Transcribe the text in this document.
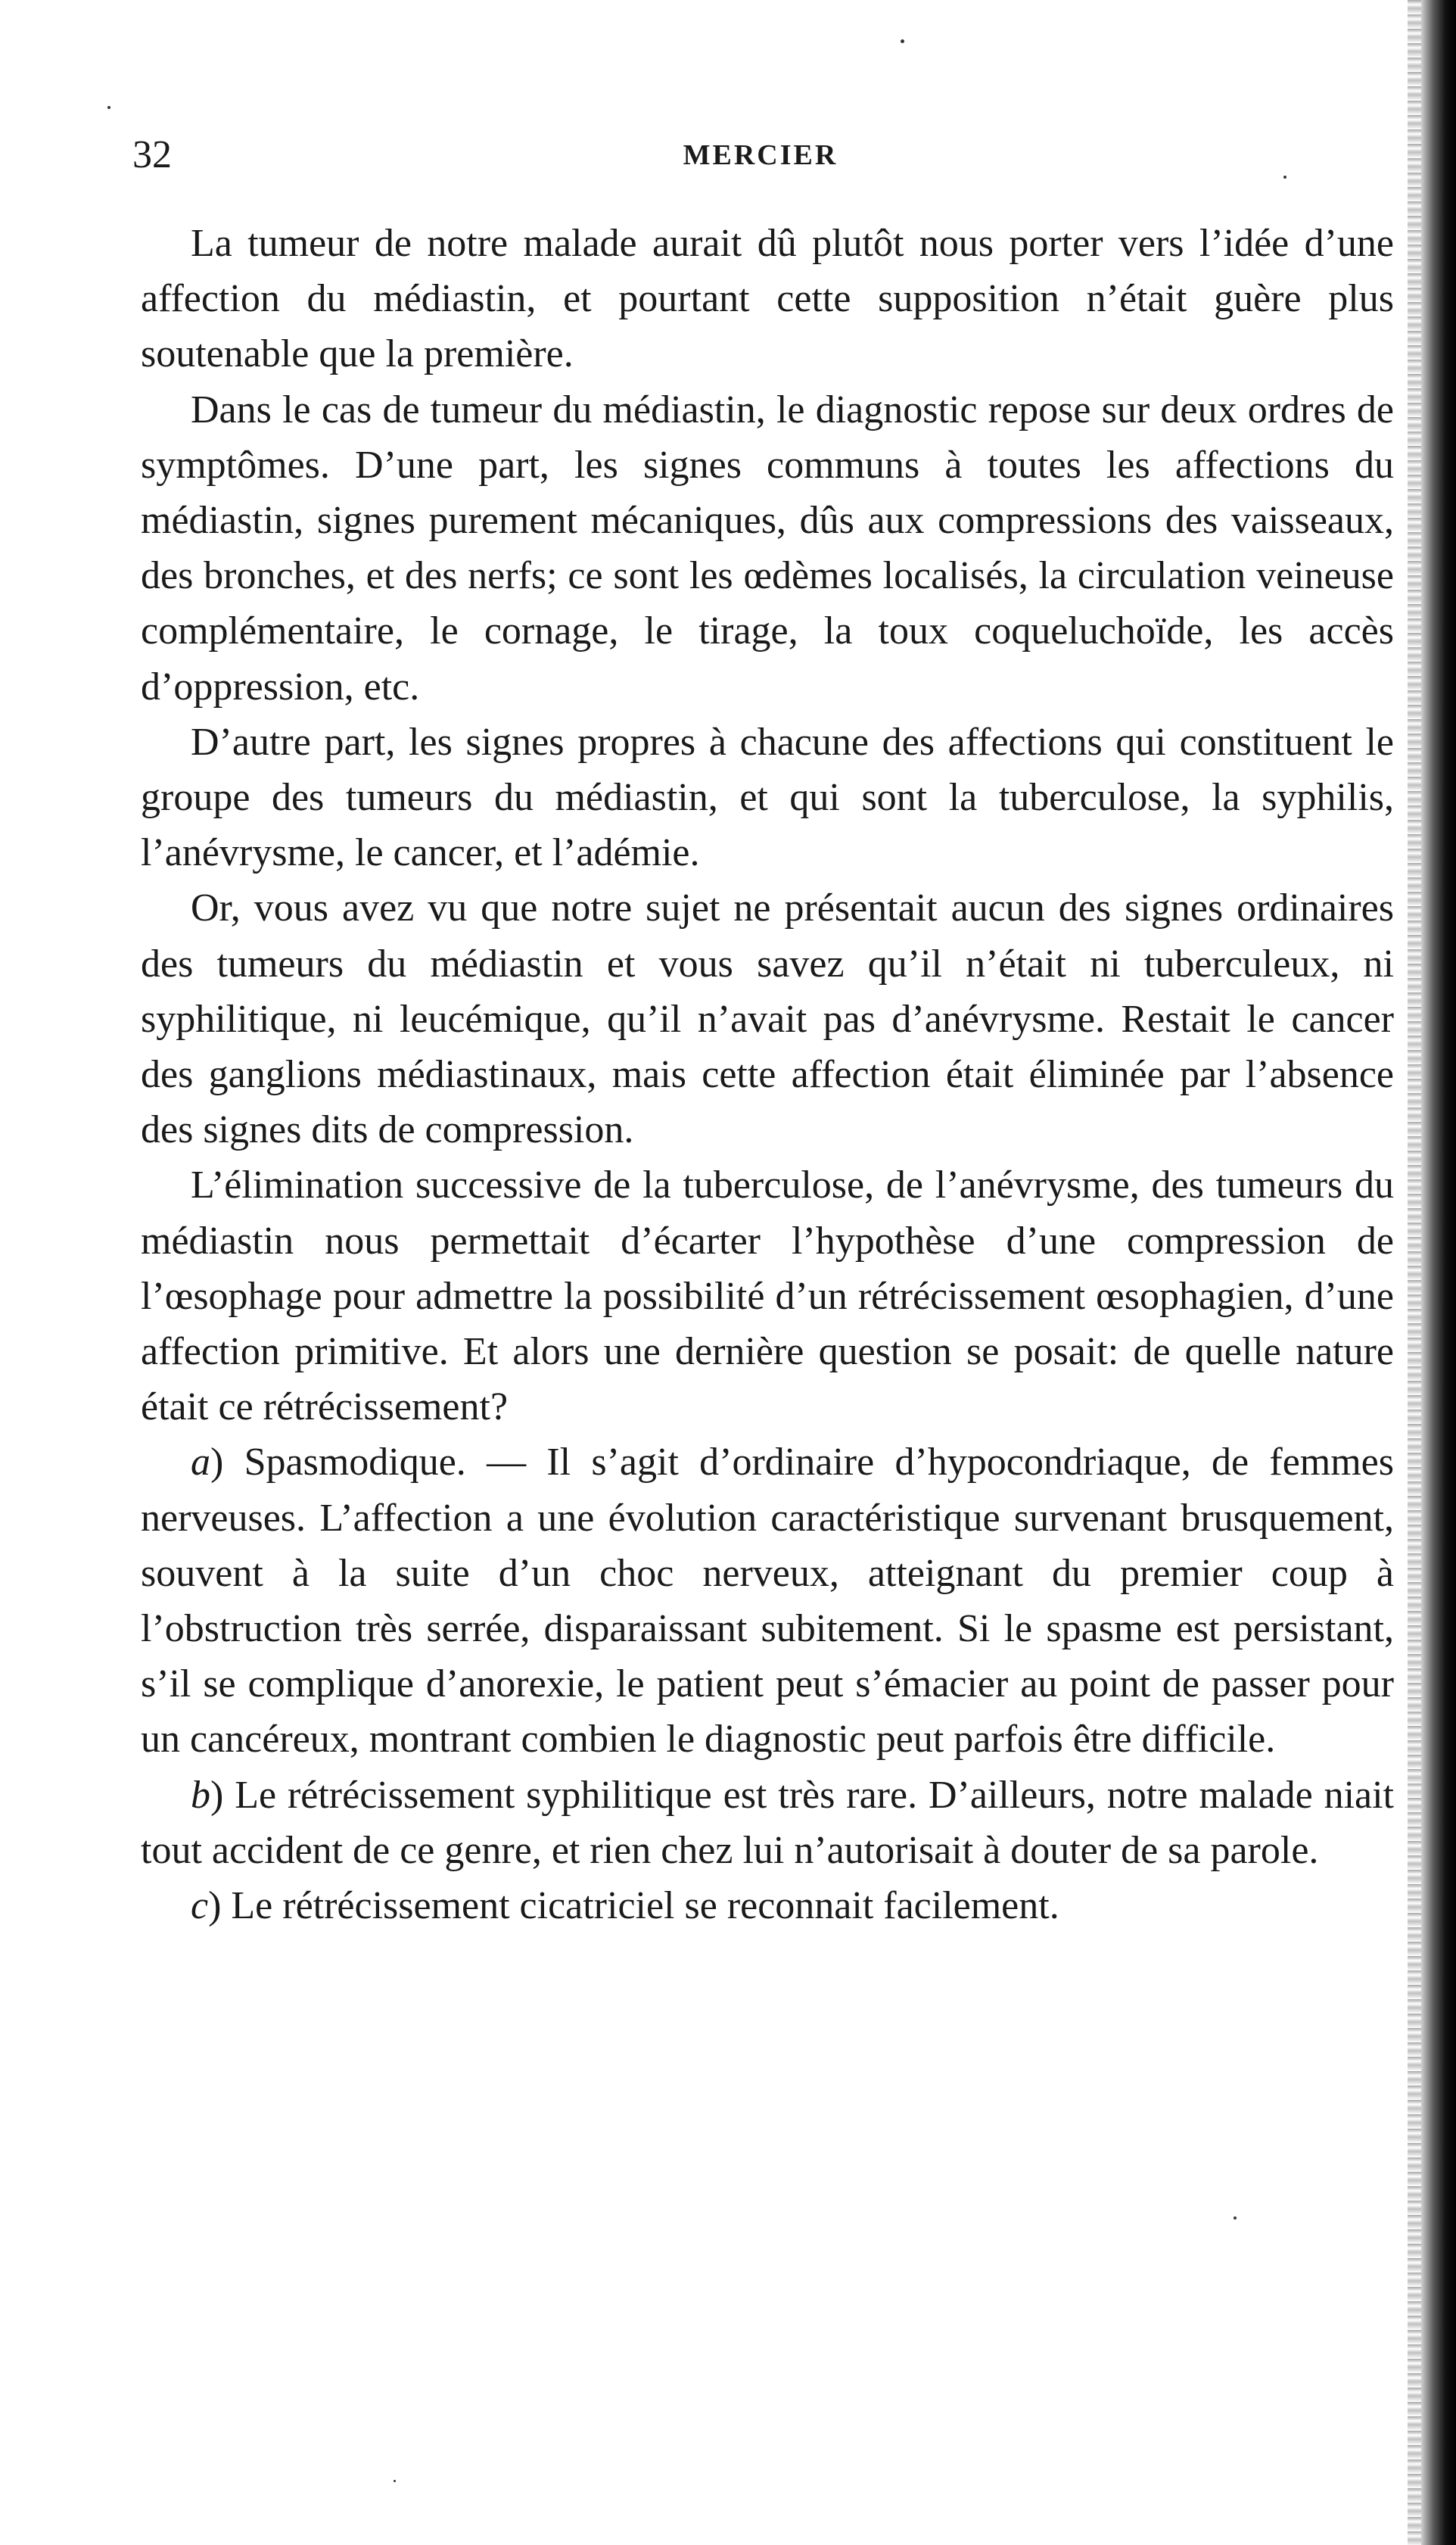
32	MERCIER

La tumeur de notre malade aurait dû plutôt nous porter vers l’idée d’une affection du médiastin, et pourtant cette supposition n’était guère plus soutenable que la première.

Dans le cas de tumeur du médiastin, le diagnostic repose sur deux ordres de symptômes. D’une part, les signes communs à toutes les affections du médiastin, signes purement mécaniques, dûs aux compressions des vaisseaux, des bronches, et des nerfs; ce sont les œdèmes localisés, la circulation veineuse complémentaire, le cornage, le tirage, la toux coqueluchoïde, les accès d’oppression, etc.

D’autre part, les signes propres à chacune des affections qui constituent le groupe des tumeurs du médiastin, et qui sont la tuberculose, la syphilis, l’anévrysme, le cancer, et l’adémie.

Or, vous avez vu que notre sujet ne présentait aucun des signes ordinaires des tumeurs du médiastin et vous savez qu’il n’était ni tuberculeux, ni syphilitique, ni leucémique, qu’il n’avait pas d’anévrysme. Restait le cancer des ganglions médiastinaux, mais cette affection était éliminée par l’absence des signes dits de compression.

L’élimination successive de la tuberculose, de l’anévrysme, des tumeurs du médiastin nous permettait d’écarter l’hypothèse d’une compression de l’œsophage pour admettre la possibilité d’un rétrécissement œsophagien, d’une affection primitive. Et alors une dernière question se posait: de quelle nature était ce rétrécissement?

a) Spasmodique. — Il s’agit d’ordinaire d’hypocondriaque, de femmes nerveuses. L’affection a une évolution caractéristique survenant brusquement, souvent à la suite d’un choc nerveux, atteignant du premier coup à l’obstruction très serrée, disparaissant subitement. Si le spasme est persistant, s’il se complique d’anorexie, le patient peut s’émacier au point de passer pour un cancéreux, montrant combien le diagnostic peut parfois être difficile.

b) Le rétrécissement syphilitique est très rare. D’ailleurs, notre malade niait tout accident de ce genre, et rien chez lui n’autorisait à douter de sa parole.

c) Le rétrécissement cicatriciel se reconnait facilement.
